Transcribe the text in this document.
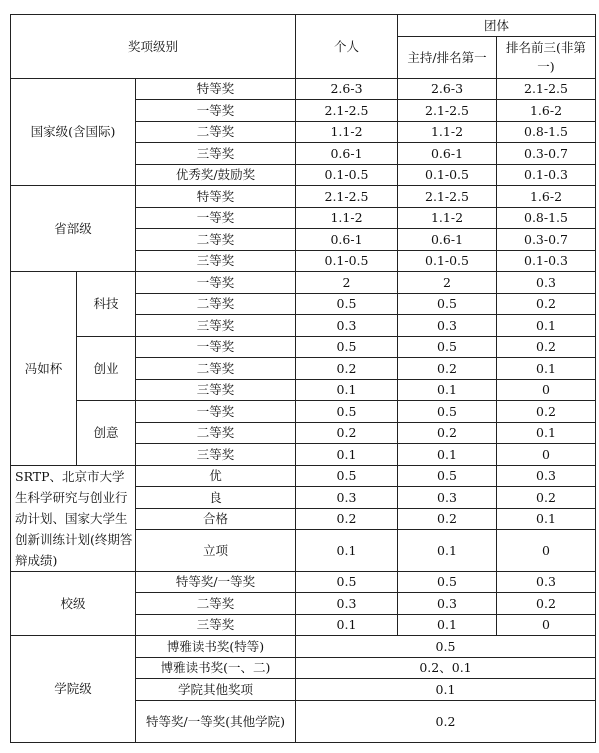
奖项级别			个人	团体	
				主持/排名第一	排名前三(非第一)
国家级(含国际)		特等奖	2.6-3	2.6-3	2.1-2.5
		一等奖	2.1-2.5	2.1-2.5	1.6-2
		二等奖	1.1-2	1.1-2	0.8-1.5
		三等奖	0.6-1	0.6-1	0.3-0.7
		优秀奖/鼓励奖	0.1-0.5	0.1-0.5	0.1-0.3
省部级		特等奖	2.1-2.5	2.1-2.5	1.6-2
		一等奖	1.1-2	1.1-2	0.8-1.5
		二等奖	0.6-1	0.6-1	0.3-0.7
		三等奖	0.1-0.5	0.1-0.5	0.1-0.3
冯如杯	科技	一等奖	2	2	0.3
		二等奖	0.5	0.5	0.2
		三等奖	0.3	0.3	0.1
	创业	一等奖	0.5	0.5	0.2
		二等奖	0.2	0.2	0.1
		三等奖	0.1	0.1	0
	创意	一等奖	0.5	0.5	0.2
		二等奖	0.2	0.2	0.1
		三等奖	0.1	0.1	0
SRTP、北京市大学生科学研究与创业行动计划、国家大学生创新训练计划(终期答辩成绩)		优	0.5	0.5	0.3
		良	0.3	0.3	0.2
		合格	0.2	0.2	0.1
		立项	0.1	0.1	0
校级		特等奖/一等奖	0.5	0.5	0.3
		二等奖	0.3	0.3	0.2
		三等奖	0.1	0.1	0
学院级		博雅读书奖(特等)	0.5		
		博雅读书奖(一、二)	0.2、0.1		
		学院其他奖项	0.1		
		特等奖/一等奖(其他学院)	0.2		
